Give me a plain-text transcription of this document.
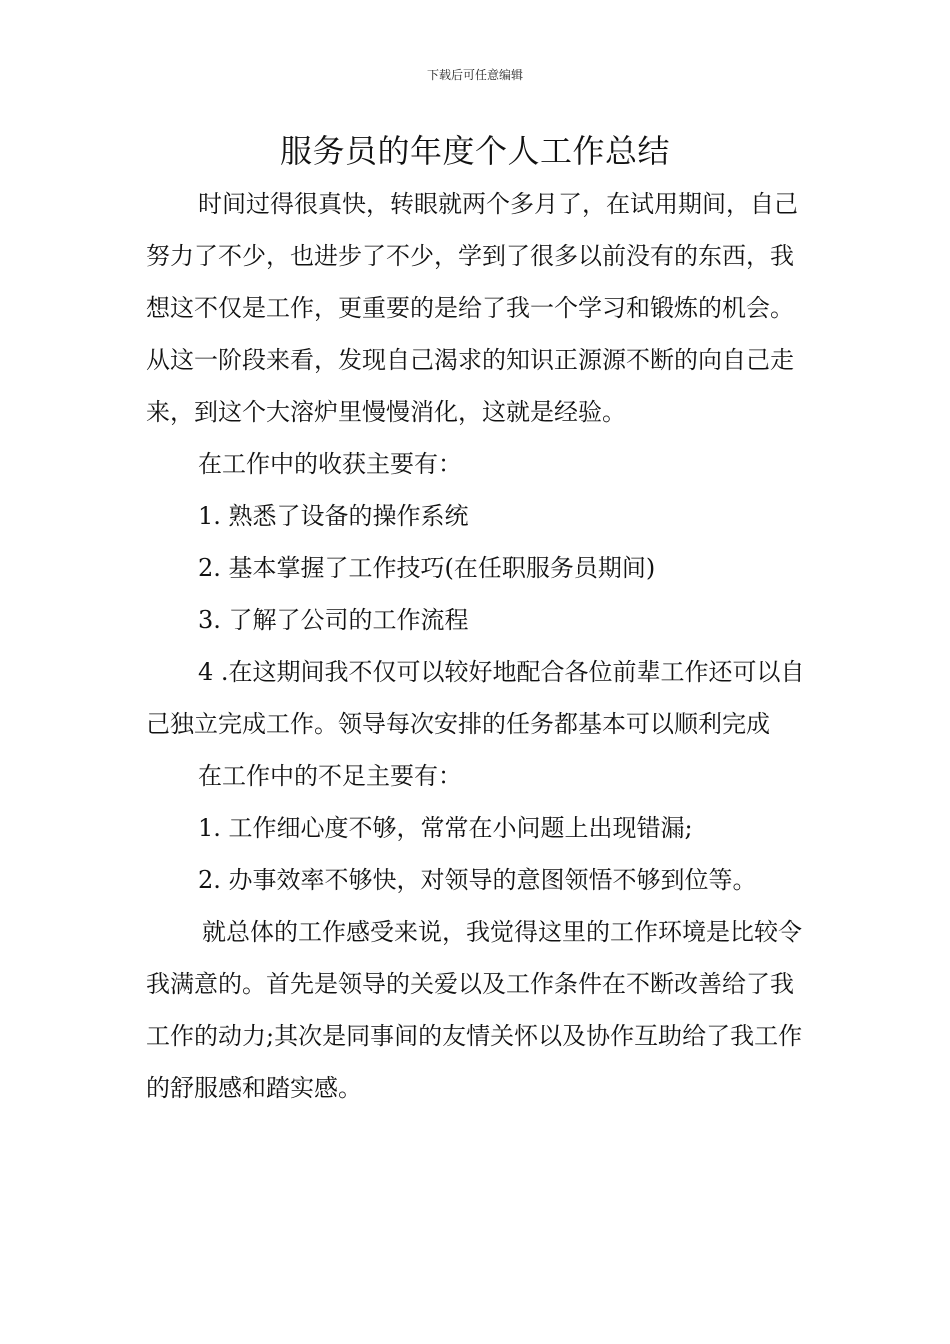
下载后可任意编辑
服务员的年度个人工作总结

时间过得很真快，转眼就两个多月了，在试用期间，自己努力了不少，也进步了不少，学到了很多以前没有的东西，我想这不仅是工作，更重要的是给了我一个学习和锻炼的机会。从这一阶段来看，发现自己渴求的知识正源源不断的向自己走来，到这个大溶炉里慢慢消化，这就是经验。

在工作中的收获主要有：

1. 熟悉了设备的操作系统

2. 基本掌握了工作技巧(在任职服务员期间)

3. 了解了公司的工作流程

4 .在这期间我不仅可以较好地配合各位前辈工作还可以自己独立完成工作。领导每次安排的任务都基本可以顺利完成

在工作中的不足主要有：

1. 工作细心度不够，常常在小问题上出现错漏;

2. 办事效率不够快，对领导的意图领悟不够到位等。

就总体的工作感受来说，我觉得这里的工作环境是比较令我满意的。首先是领导的关爱以及工作条件在不断改善给了我工作的动力;其次是同事间的友情关怀以及协作互助给了我工作的舒服感和踏实感。
